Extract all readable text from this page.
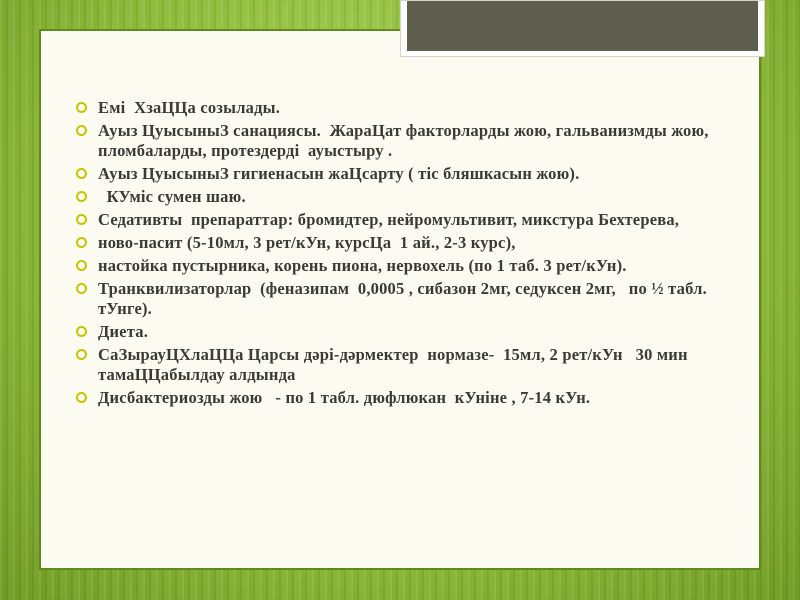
Емі  ХзаЦЦа созылады.
Ауыз ЦуысыныЗ санациясы.  ЖараЦат факторларды жою, гальванизмды жою, пломбаларды, протездерді  ауыстыру .
Ауыз ЦуысыныЗ гигиенасын жаЦсарту ( тіс бляшкасын жою).
КУміс сумен шаю.
Седативты  препараттар: бромидтер, нейромультивит, микстура Бехтерева,
ново-пасит (5-10мл, 3 рет/кУн, курсЦа  1 ай., 2-3 курс),
настойка пустырника, корень пиона, нервохель (по 1 таб. 3 рет/кУн).
Транквилизаторлар  (феназипам  0,0005 , сибазон 2мг, седуксен 2мг,   по ½ табл. тУнге).
Диета.
СаЗырауЦХлаЦЦа Царсы дәрі-дәрмектер  нормазе-  15мл, 2 рет/кУн   30 мин тамаЦЦабылдау алдында
Дисбактериозды жою   - по 1 табл. дюфлюкан  кУніне , 7-14 кУн.
